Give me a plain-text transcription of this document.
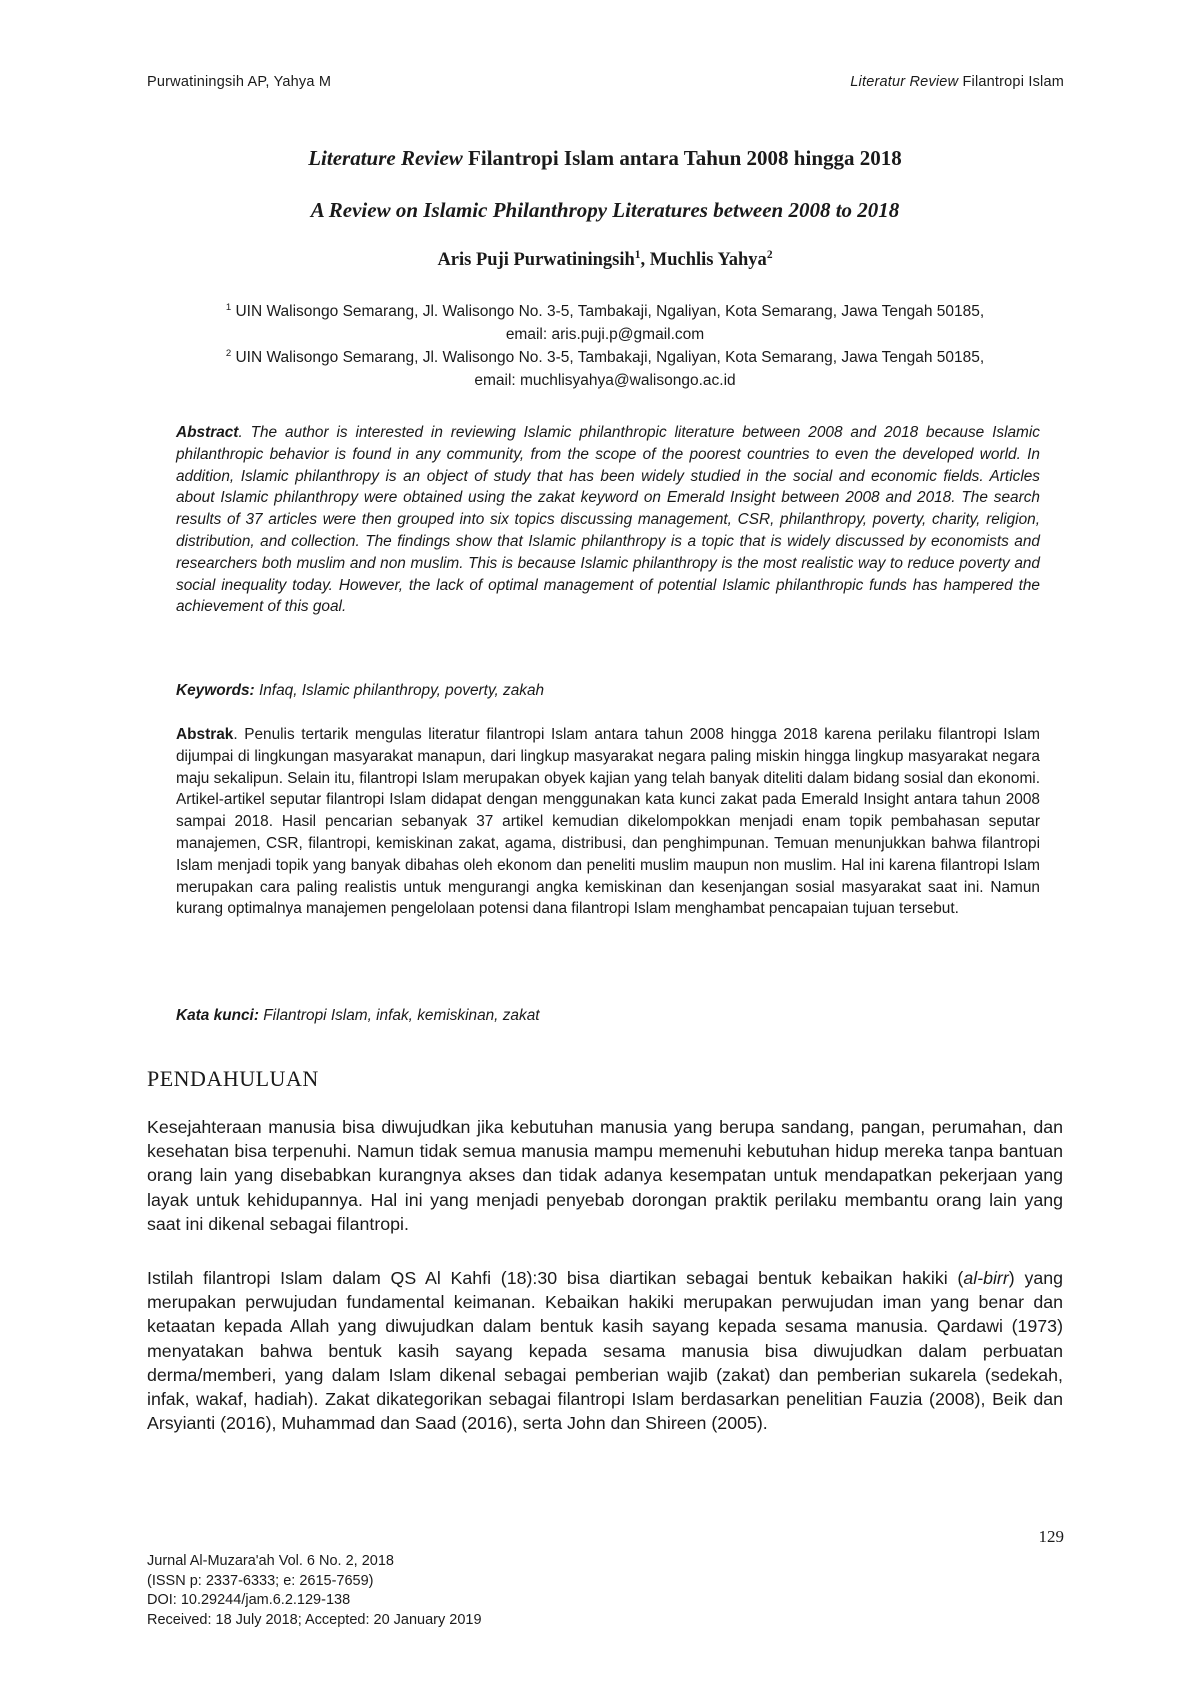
Purwatiningsih AP, Yahya M	Literatur Review Filantropi Islam
Literature Review Filantropi Islam antara Tahun 2008 hingga 2018
A Review on Islamic Philanthropy Literatures between 2008 to 2018
Aris Puji Purwatiningsih$^1$, Muchlis Yahya$^2$
$^1$ UIN Walisongo Semarang, Jl. Walisongo No. 3-5, Tambakaji, Ngaliyan, Kota Semarang, Jawa Tengah 50185,
email: aris.puji.p@gmail.com
$^2$ UIN Walisongo Semarang, Jl. Walisongo No. 3-5, Tambakaji, Ngaliyan, Kota Semarang, Jawa Tengah 50185,
email: muchlisyahya@walisongo.ac.id
Abstract. The author is interested in reviewing Islamic philanthropic literature between 2008 and 2018 because Islamic philanthropic behavior is found in any community, from the scope of the poorest countries to even the developed world. In addition, Islamic philanthropy is an object of study that has been widely studied in the social and economic fields. Articles about Islamic philanthropy were obtained using the zakat keyword on Emerald Insight between 2008 and 2018. The search results of 37 articles were then grouped into six topics discussing management, CSR, philanthropy, poverty, charity, religion, distribution, and collection. The findings show that Islamic philanthropy is a topic that is widely discussed by economists and researchers both muslim and non muslim. This is because Islamic philanthropy is the most realistic way to reduce poverty and social inequality today. However, the lack of optimal management of potential Islamic philanthropic funds has hampered the achievement of this goal.
Keywords: Infaq, Islamic philanthropy, poverty, zakah
Abstrak. Penulis tertarik mengulas literatur filantropi Islam antara tahun 2008 hingga 2018 karena perilaku filantropi Islam dijumpai di lingkungan masyarakat manapun, dari lingkup masyarakat negara paling miskin hingga lingkup masyarakat negara maju sekalipun. Selain itu, filantropi Islam merupakan obyek kajian yang telah banyak diteliti dalam bidang sosial dan ekonomi. Artikel-artikel seputar filantropi Islam didapat dengan menggunakan kata kunci zakat pada Emerald Insight antara tahun 2008 sampai 2018. Hasil pencarian sebanyak 37 artikel kemudian dikelompokkan menjadi enam topik pembahasan seputar manajemen, CSR, filantropi, kemiskinan zakat, agama, distribusi, dan penghimpunan. Temuan menunjukkan bahwa filantropi Islam menjadi topik yang banyak dibahas oleh ekonom dan peneliti muslim maupun non muslim. Hal ini karena filantropi Islam merupakan cara paling realistis untuk mengurangi angka kemiskinan dan kesenjangan sosial masyarakat saat ini. Namun kurang optimalnya manajemen pengelolaan potensi dana filantropi Islam menghambat pencapaian tujuan tersebut.
Kata kunci: Filantropi Islam, infak, kemiskinan, zakat
PENDAHULUAN
Kesejahteraan manusia bisa diwujudkan jika kebutuhan manusia yang berupa sandang, pangan, perumahan, dan kesehatan bisa terpenuhi. Namun tidak semua manusia mampu memenuhi kebutuhan hidup mereka tanpa bantuan orang lain yang disebabkan kurangnya akses dan tidak adanya kesempatan untuk mendapatkan pekerjaan yang layak untuk kehidupannya. Hal ini yang menjadi penyebab dorongan praktik perilaku membantu orang lain yang saat ini dikenal sebagai filantropi.
Istilah filantropi Islam dalam QS Al Kahfi (18):30 bisa diartikan sebagai bentuk kebaikan hakiki (al-birr) yang merupakan perwujudan fundamental keimanan. Kebaikan hakiki merupakan perwujudan iman yang benar dan ketaatan kepada Allah yang diwujudkan dalam bentuk kasih sayang kepada sesama manusia. Qardawi (1973) menyatakan bahwa bentuk kasih sayang kepada sesama manusia bisa diwujudkan dalam perbuatan derma/memberi, yang dalam Islam dikenal sebagai pemberian wajib (zakat) dan pemberian sukarela (sedekah, infak, wakaf, hadiah). Zakat dikategorikan sebagai filantropi Islam berdasarkan penelitian Fauzia (2008), Beik dan Arsyianti (2016), Muhammad dan Saad (2016), serta John dan Shireen (2005).
129
Jurnal Al-Muzara'ah Vol. 6 No. 2, 2018
(ISSN p: 2337-6333; e: 2615-7659)
DOI: 10.29244/jam.6.2.129-138
Received: 18 July 2018; Accepted: 20 January 2019
